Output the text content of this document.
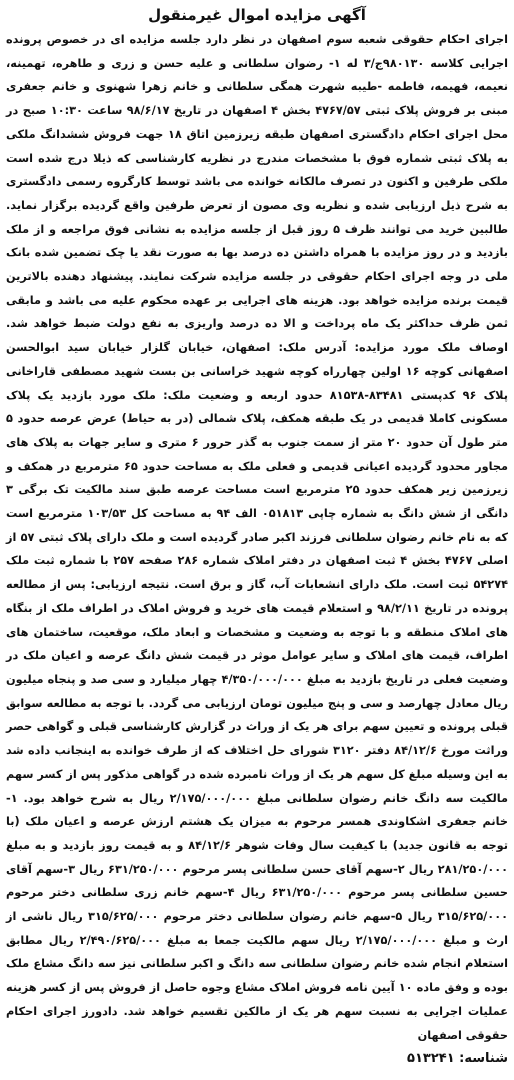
آگهی مزایده اموال غیرمنقول

اجرای احکام حقوقی شعبه سوم اصفهان در نظر دارد جلسه مزایده ای در خصوص پرونده اجرایی کلاسه ۹۸۰۱۳۰ج/۳ له ۱- رضوان سلطانی و علیه حسن و زری و طاهره، تهمینه، نعیمه، فهیمه، فاطمه -طیبه شهرت همگی سلطانی و خانم زهرا شهنوی و خانم جعفری مبنی بر فروش پلاک ثبتی ۴۷۶۷/۵۷ بخش ۴ اصفهان در تاریخ ۹۸/۶/۱۷ ساعت ۱۰:۳۰ صبح در محل اجرای احکام دادگستری اصفهان طبقه زیرزمین اتاق ۱۸ جهت فروش ششدانگ ملکی به پلاک ثبتی شماره فوق با مشخصات مندرج در نظریه کارشناسی که ذیلا درج شده است ملکی طرفین و اکنون در تصرف مالکانه خوانده می باشد توسط کارگروه رسمی دادگستری به شرح ذیل ارزیابی شده و نظریه وی مصون از تعرض طرفین واقع گردیده برگزار نماید. طالبین خرید می توانند ظرف ۵ روز قبل از جلسه مزایده به نشانی فوق مراجعه و از ملک بازدید و در روز مزایده با همراه داشتن ده درصد بها به صورت نقد یا چک تضمین شده بانک ملی در وجه اجرای احکام حقوقی در جلسه مزایده شرکت نمایند. پیشنهاد دهنده بالاترین قیمت برنده مزایده خواهد بود. هزینه های اجرایی بر عهده محکوم علیه می باشد و مابقی ثمن ظرف حداکثر یک ماه پرداخت و الا ده درصد واریزی به نفع دولت ضبط خواهد شد. اوصاف ملک مورد مزایده: آدرس ملک: اصفهان، خیابان گلزار خیابان سید ابوالحسن اصفهانی کوچه ۱۶ اولین چهارراه کوچه شهید خراسانی بن بست شهید مصطفی قاراخانی پلاک ۹۶ کدپستی ۸۳۴۸۱-۸۱۵۳۸ حدود اربعه و وضعیت ملک: ملک مورد بازدید یک پلاک مسکونی کاملا قدیمی در یک طبقه همکف، پلاک شمالی (در به حیاط) عرض عرصه حدود ۵ متر طول آن حدود ۲۰ متر از سمت جنوب به گذر حرور ۶ متری و سایر جهات به پلاک های مجاور محدود گردیده اعیانی قدیمی و فعلی ملک به مساحت حدود ۶۵ مترمربع در همکف و زیرزمین زیر همکف حدود ۲۵ مترمربع است مساحت عرصه طبق سند مالکیت تک برگی ۳ دانگی از شش دانگ به شماره چاپی ۰۵۱۸۱۳ الف ۹۴ به مساحت کل ۱۰۳/۵۳ مترمربع است که به نام خانم رضوان سلطانی فرزند اکبر صادر گردیده است و ملک دارای پلاک ثبتی ۵۷ از اصلی ۴۷۶۷ بخش ۴ ثبت اصفهان در دفتر املاک شماره ۲۸۶ صفحه ۲۵۷ با شماره ثبت ملک ۵۴۲۷۴ ثبت است. ملک دارای انشعابات آب، گاز و برق است. نتیجه ارزیابی: پس از مطالعه پرونده در تاریخ ۹۸/۲/۱۱ و استعلام قیمت های خرید و فروش املاک در اطراف ملک از بنگاه های املاک منطقه و با توجه به وضعیت و مشخصات و ابعاد ملک، موقعیت، ساختمان های اطراف، قیمت های املاک و سایر عوامل موثر در قیمت شش دانگ عرصه و اعیان ملک در وضعیت فعلی در تاریخ بازدید به مبلغ ۴/۳۵۰/۰۰۰/۰۰۰ چهار میلیارد و سی صد و پنجاه میلیون ریال معادل چهارصد و سی و پنج میلیون تومان ارزیابی می گردد. با توجه به مطالعه سوابق قبلی پرونده و تعیین سهم برای هر یک از وراث در گزارش کارشناسی قبلی و گواهی حصر وراثت مورخ ۸۴/۱۲/۶ دفتر ۳۱۲۰ شورای حل اختلاف که از طرف خوانده به اینجانب داده شد به این وسیله مبلغ کل سهم هر یک از وراث نامبرده شده در گواهی مذکور پس از کسر سهم مالکیت سه دانگ خانم رضوان سلطانی مبلغ ۲/۱۷۵/۰۰۰/۰۰۰ ریال به شرح خواهد بود. ۱-خانم جعفری اشکاوندی همسر مرحوم به میزان یک هشتم ارزش عرصه و اعیان ملک (با توجه به قانون جدید) با کیفیت سال وفات شوهر ۸۴/۱۲/۶ و به قیمت روز بازدید و به مبلغ ۲۸۱/۲۵۰/۰۰۰ ریال ۲-سهم آقای حسن سلطانی پسر مرحوم ۶۳۱/۲۵۰/۰۰۰ ریال ۳-سهم آقای حسین سلطانی پسر مرحوم ۶۳۱/۲۵۰/۰۰۰ ریال ۴-سهم خانم زری سلطانی دختر مرحوم ۳۱۵/۶۲۵/۰۰۰ ریال ۵-سهم خانم رضوان سلطانی دختر مرحوم ۳۱۵/۶۲۵/۰۰۰ ریال ناشی از ارث و مبلغ ۲/۱۷۵/۰۰۰/۰۰۰ ریال سهم مالکیت جمعا به مبلغ ۲/۴۹۰/۶۲۵/۰۰۰ ریال مطابق استعلام انجام شده خانم رضوان سلطانی سه دانگ و اکبر سلطانی نیز سه دانگ مشاع ملک بوده و وفق ماده ۱۰ آیین نامه فروش املاک مشاع وجوه حاصل از فروش پس از کسر هزینه عملیات اجرایی به نسبت سهم هر یک از مالکین تقسیم خواهد شد. دادورز اجرای احکام حقوقی اصفهان

شناسه: ۵۱۳۲۴۱
